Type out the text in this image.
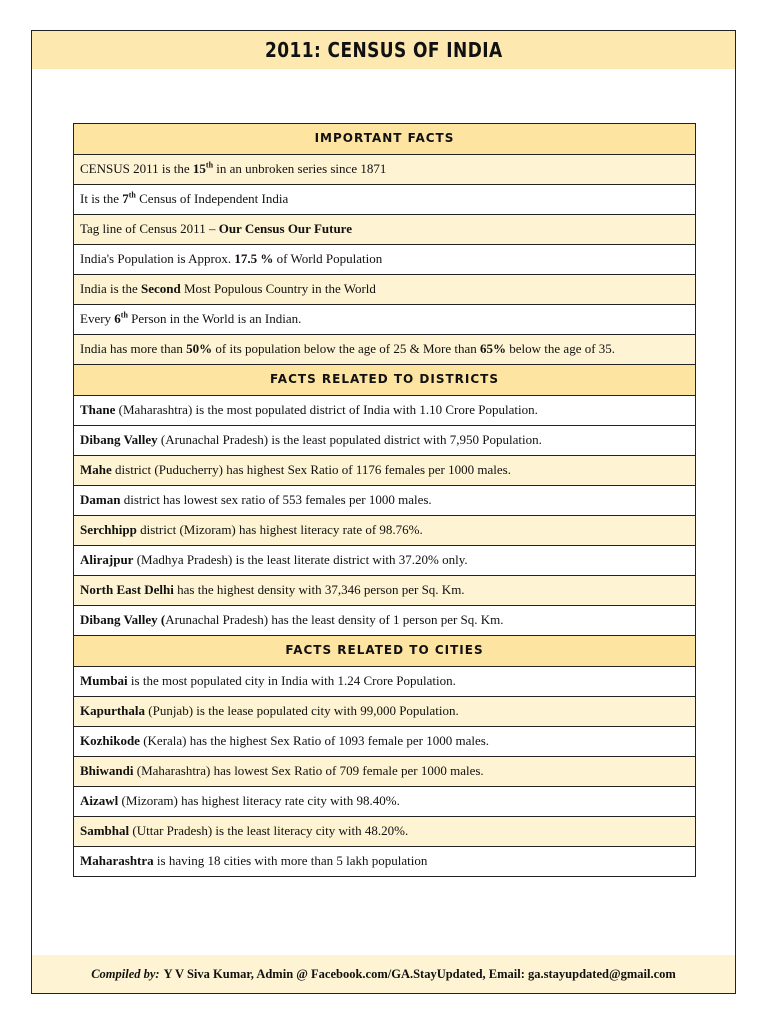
2011: CENSUS OF INDIA
IMPORTANT FACTS
CENSUS 2011 is the 15th in an unbroken series since 1871
It is the 7th Census of Independent India
Tag line of Census 2011 – Our Census Our Future
India's Population is Approx. 17.5 % of World Population
India is the Second Most Populous Country in the World
Every 6th Person in the World is an Indian.
India has more than 50% of its population below the age of 25 & More than 65% below the age of 35.
FACTS RELATED TO DISTRICTS
Thane (Maharashtra) is the most populated district of India with 1.10 Crore Population.
Dibang Valley (Arunachal Pradesh) is the least populated district with 7,950 Population.
Mahe district (Puducherry) has highest Sex Ratio of 1176 females per 1000 males.
Daman district has lowest sex ratio of 553 females per 1000 males.
Serchhipp district (Mizoram) has highest literacy rate of 98.76%.
Alirajpur (Madhya Pradesh) is the least literate district with 37.20% only.
North East Delhi has the highest density with 37,346 person per Sq. Km.
Dibang Valley (Arunachal Pradesh) has the least density of 1 person per Sq. Km.
FACTS RELATED TO CITIES
Mumbai is the most populated city in India with 1.24 Crore Population.
Kapurthala (Punjab) is the lease populated city with 99,000 Population.
Kozhikode (Kerala) has the highest Sex Ratio of 1093 female per 1000 males.
Bhiwandi (Maharashtra) has lowest Sex Ratio of 709 female per 1000 males.
Aizawl (Mizoram) has highest literacy rate city with 98.40%.
Sambhal (Uttar Pradesh) is the least literacy city with 48.20%.
Maharashtra is having 18 cities with more than 5 lakh population
Compiled by: Y V Siva Kumar, Admin @ Facebook.com/GA.StayUpdated, Email: ga.stayupdated@gmail.com
